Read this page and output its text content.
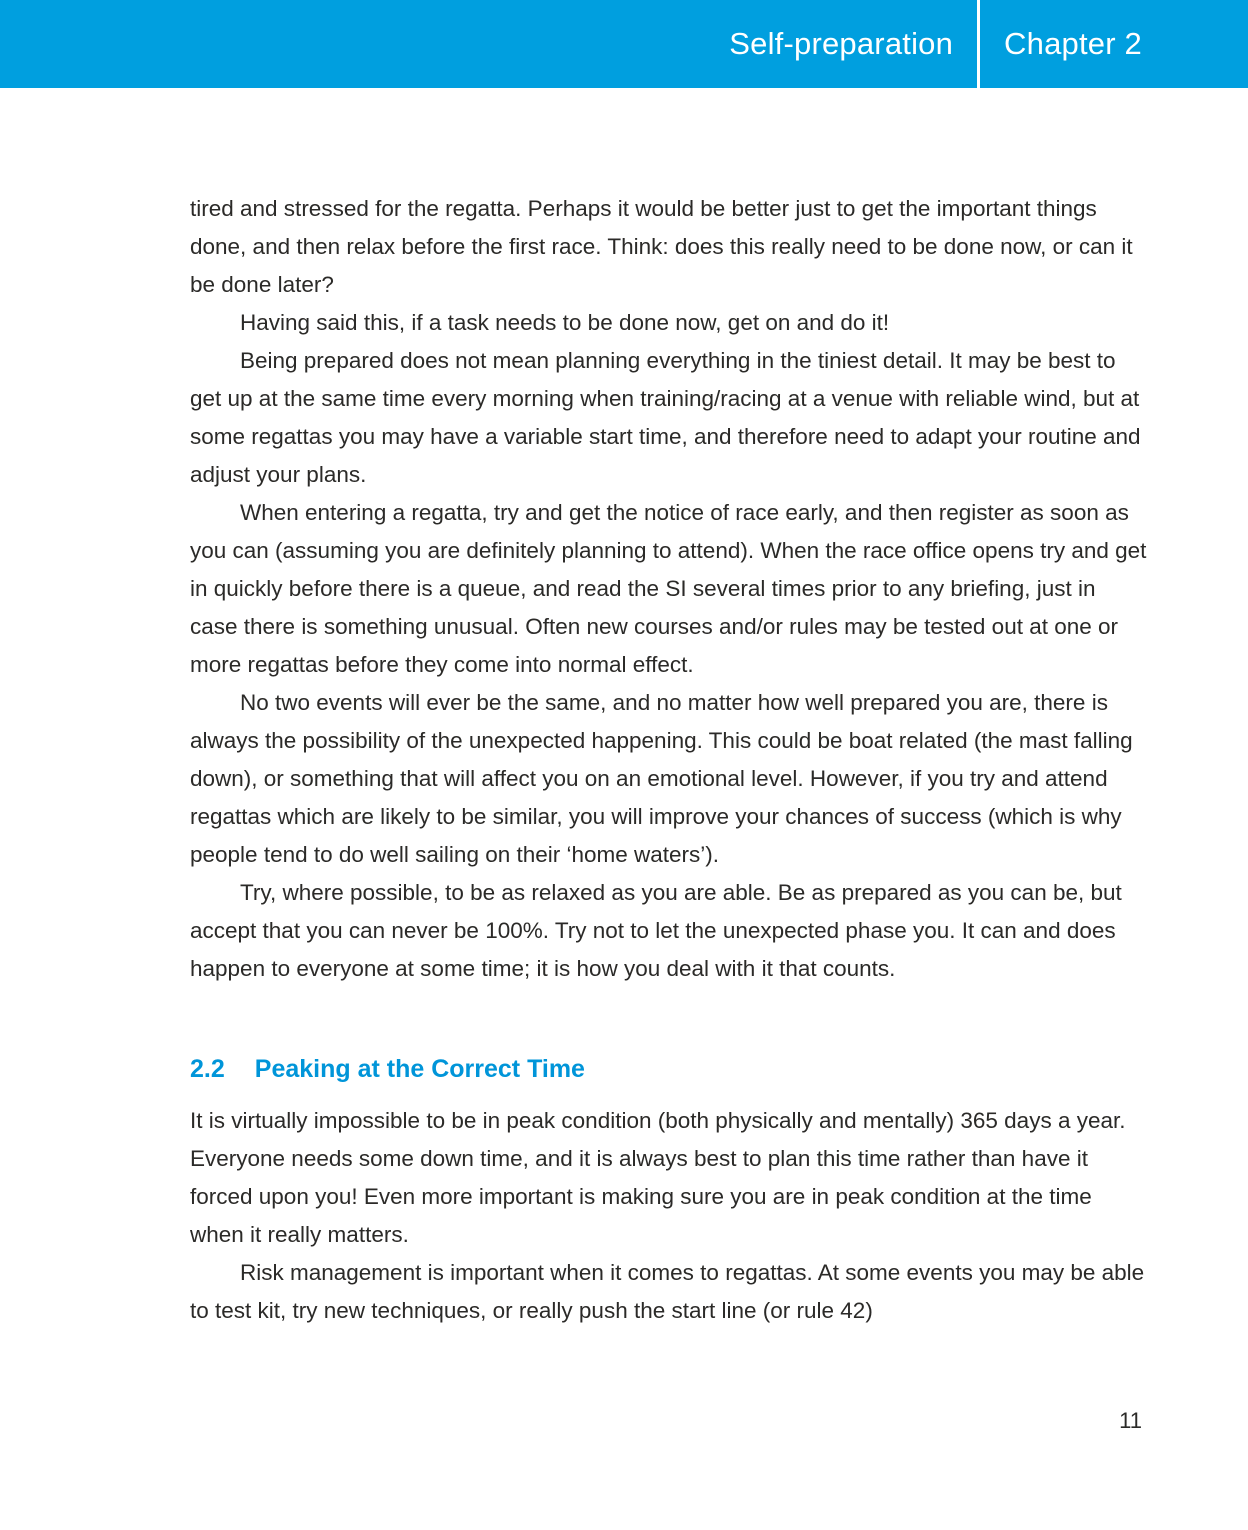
Self-preparation Chapter 2

tired and stressed for the regatta. Perhaps it would be better just to get the important things done, and then relax before the first race. Think: does this really need to be done now, or can it be done later?

Having said this, if a task needs to be done now, get on and do it!

Being prepared does not mean planning everything in the tiniest detail. It may be best to get up at the same time every morning when training/racing at a venue with reliable wind, but at some regattas you may have a variable start time, and therefore need to adapt your routine and adjust your plans.

When entering a regatta, try and get the notice of race early, and then register as soon as you can (assuming you are definitely planning to attend). When the race office opens try and get in quickly before there is a queue, and read the SI several times prior to any briefing, just in case there is something unusual. Often new courses and/or rules may be tested out at one or more regattas before they come into normal effect.

No two events will ever be the same, and no matter how well prepared you are, there is always the possibility of the unexpected happening. This could be boat related (the mast falling down), or something that will affect you on an emotional level. However, if you try and attend regattas which are likely to be similar, you will improve your chances of success (which is why people tend to do well sailing on their ‘home waters’).

Try, where possible, to be as relaxed as you are able. Be as prepared as you can be, but accept that you can never be 100%. Try not to let the unexpected phase you. It can and does happen to everyone at some time; it is how you deal with it that counts.

2.2 Peaking at the Correct Time

It is virtually impossible to be in peak condition (both physically and mentally) 365 days a year. Everyone needs some down time, and it is always best to plan this time rather than have it forced upon you! Even more important is making sure you are in peak condition at the time when it really matters.

Risk management is important when it comes to regattas. At some events you may be able to test kit, try new techniques, or really push the start line (or rule 42)

11
